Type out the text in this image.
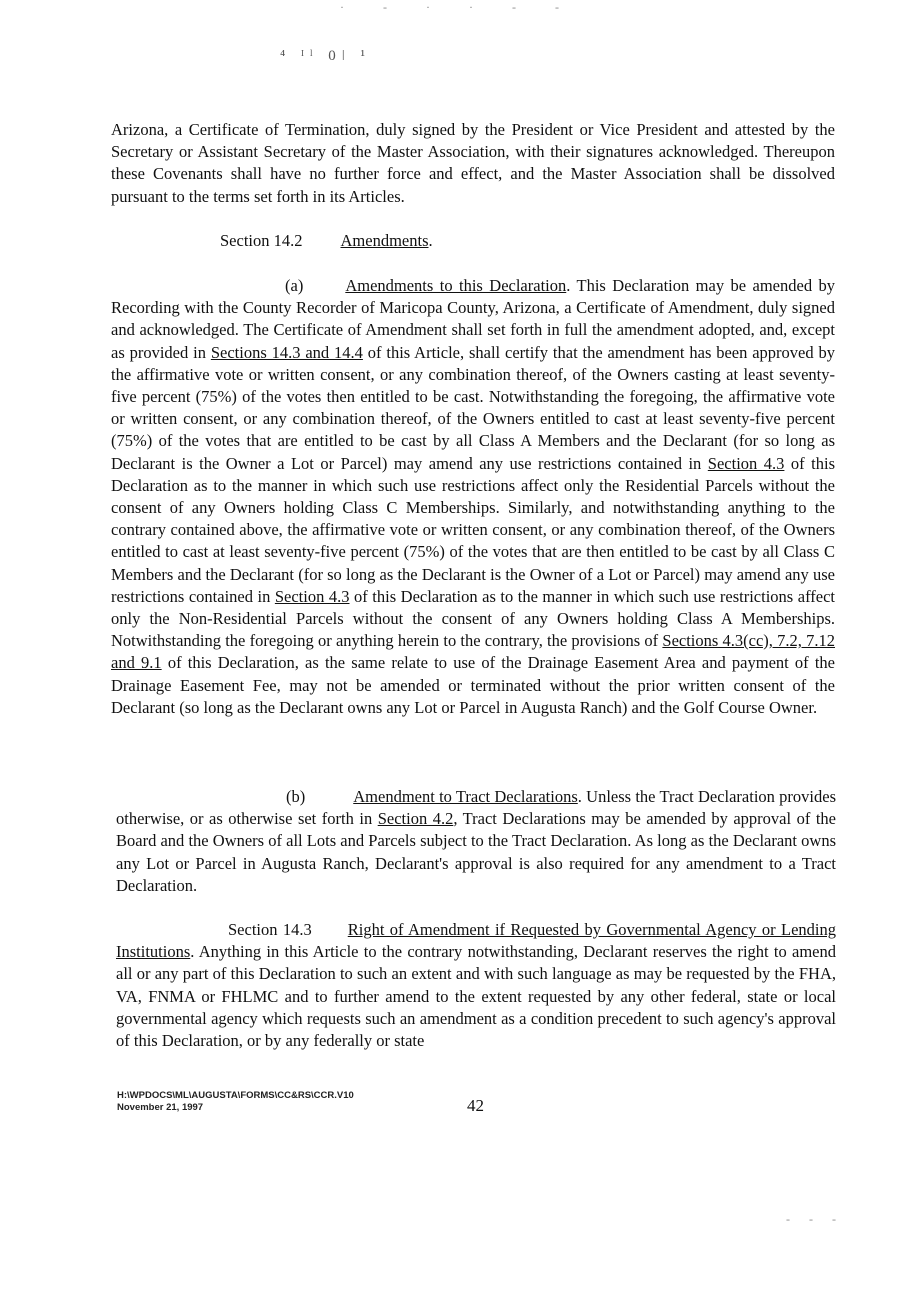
· - · · - -
⁴ ᴵˡ 0ǀ ¹

Arizona, a Certificate of Termination, duly signed by the President or Vice President and attested by the Secretary or Assistant Secretary of the Master Association, with their signatures acknowledged. Thereupon these Covenants shall have no further force and effect, and the Master Association shall be dissolved pursuant to the terms set forth in its Articles.

Section 14.2 Amendments.

(a)	Amendments to this Declaration. This Declaration may be amended by Recording with the County Recorder of Maricopa County, Arizona, a Certificate of Amendment, duly signed and acknowledged. The Certificate of Amendment shall set forth in full the amendment adopted, and, except as provided in Sections 14.3 and 14.4 of this Article, shall certify that the amendment has been approved by the affirmative vote or written consent, or any combination thereof, of the Owners casting at least seventy-five percent (75%) of the votes then entitled to be cast. Notwithstanding the foregoing, the affirmative vote or written consent, or any combination thereof, of the Owners entitled to cast at least seventy-five percent (75%) of the votes that are entitled to be cast by all Class A Members and the Declarant (for so long as Declarant is the Owner a Lot or Parcel) may amend any use restrictions contained in Section 4.3 of this Declaration as to the manner in which such use restrictions affect only the Residential Parcels without the consent of any Owners holding Class C Memberships. Similarly, and notwithstanding anything to the contrary contained above, the affirmative vote or written consent, or any combination thereof, of the Owners entitled to cast at least seventy-five percent (75%) of the votes that are then entitled to be cast by all Class C Members and the Declarant (for so long as the Declarant is the Owner of a Lot or Parcel) may amend any use restrictions contained in Section 4.3 of this Declaration as to the manner in which such use restrictions affect only the Non-Residential Parcels without the consent of any Owners holding Class A Memberships. Notwithstanding the foregoing or anything herein to the contrary, the provisions of Sections 4.3(cc), 7.2, 7.12 and 9.1 of this Declaration, as the same relate to use of the Drainage Easement Area and payment of the Drainage Easement Fee, may not be amended or terminated without the prior written consent of the Declarant (so long as the Declarant owns any Lot or Parcel in Augusta Ranch) and the Golf Course Owner.

(b)	Amendment to Tract Declarations. Unless the Tract Declaration provides otherwise, or as otherwise set forth in Section 4.2, Tract Declarations may be amended by approval of the Board and the Owners of all Lots and Parcels subject to the Tract Declaration. As long as the Declarant owns any Lot or Parcel in Augusta Ranch, Declarant's approval is also required for any amendment to a Tract Declaration.

Section 14.3 Right of Amendment if Requested by Governmental Agency or Lending Institutions. Anything in this Article to the contrary notwithstanding, Declarant reserves the right to amend all or any part of this Declaration to such an extent and with such language as may be requested by the FHA, VA, FNMA or FHLMC and to further amend to the extent requested by any other federal, state or local governmental agency which requests such an amendment as a condition precedent to such agency's approval of this Declaration, or by any federally or state

H:\WPDOCS\ML\AUGUSTA\FORMS\CC&RS\CCR.V10
November 21, 1997	42
- - -
